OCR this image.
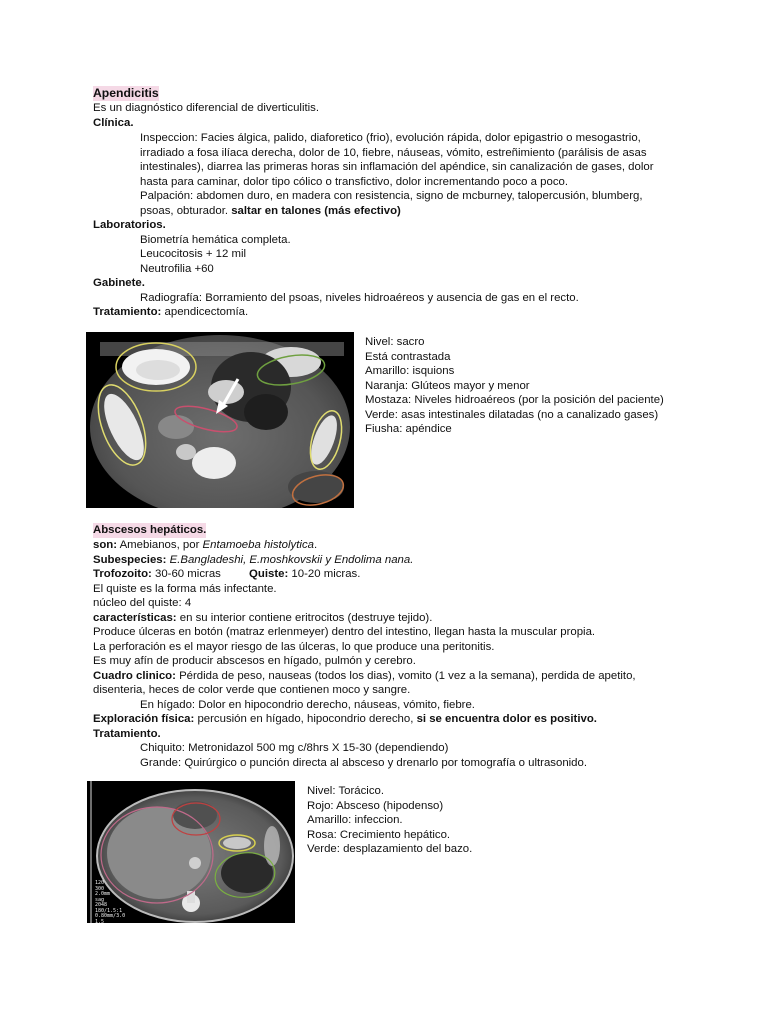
Apendicitis
Es un diagnóstico diferencial de diverticulitis.
Clínica.
Inspeccion: Facies álgica, palido, diaforetico (frio), evolución rápida, dolor epigastrio o mesogastrio,
irradiado a fosa ilíaca derecha, dolor de 10, fiebre, náuseas, vómito, estreñimiento (parálisis de asas
intestinales), diarrea las primeras horas sin inflamación del apéndice, sin canalización de gases, dolor
hasta para caminar, dolor tipo cólico o transfictivo, dolor incrementando poco a poco.
Palpación: abdomen duro, en madera con resistencia, signo de mcburney, talopercusión, blumberg,
psoas, obturador. saltar en talones (más efectivo)
Laboratorios.
Biometría hemática completa.
Leucocitosis + 12 mil
Neutrofilia +60
Gabinete.
Radiografía: Borramiento del psoas, niveles hidroaéreos y ausencia de gas en el recto.
Tratamiento: apendicectomía.
Nivel: sacro
Está contrastada
Amarillo: isquions
Naranja: Glúteos mayor y menor
Mostaza: Niveles hidroaéreos (por la posición del paciente)
Verde: asas intestinales dilatadas (no a canalizado gases)
Fiusha: apéndice
Abscesos hepáticos.
son: Amebianos, por Entamoeba histolytica.
Subespecies: E.Bangladeshi, E.moshkovskii y Endolima nana.
Trofozoito: 30-60 micras Quiste: 10-20 micras.
El quiste es la forma más infectante.
núcleo del quiste: 4
características: en su interior contiene eritrocitos (destruye tejido).
Produce úlceras en botón (matraz erlenmeyer) dentro del intestino, llegan hasta la muscular propia.
La perforación es el mayor riesgo de las úlceras, lo que produce una peritonitis.
Es muy afín de producir abscesos en hígado, pulmón y cerebro.
Cuadro clinico: Pérdida de peso, nauseas (todos los dias), vomito (1 vez a la semana), perdida de apetito,
disenteria, heces de color verde que contienen moco y sangre.
En hígado: Dolor en hipocondrio derecho, náuseas, vómito, fiebre.
Exploración física: percusión en hígado, hipocondrio derecho, si se encuentra dolor es positivo.
Tratamiento.
Chiquito: Metronidazol 500 mg c/8hrs X 15-30 (dependiendo)
Grande: Quirúrgico o punción directa al absceso y drenarlo por tomografía o ultrasonido.
120
300
2.0mm
sag
2048
180/1.5:1
0.80mm/3.0
1.5
Nivel: Torácico.
Rojo: Absceso (hipodenso)
Amarillo: infeccion.
Rosa: Crecimiento hepático.
Verde: desplazamiento del bazo.
